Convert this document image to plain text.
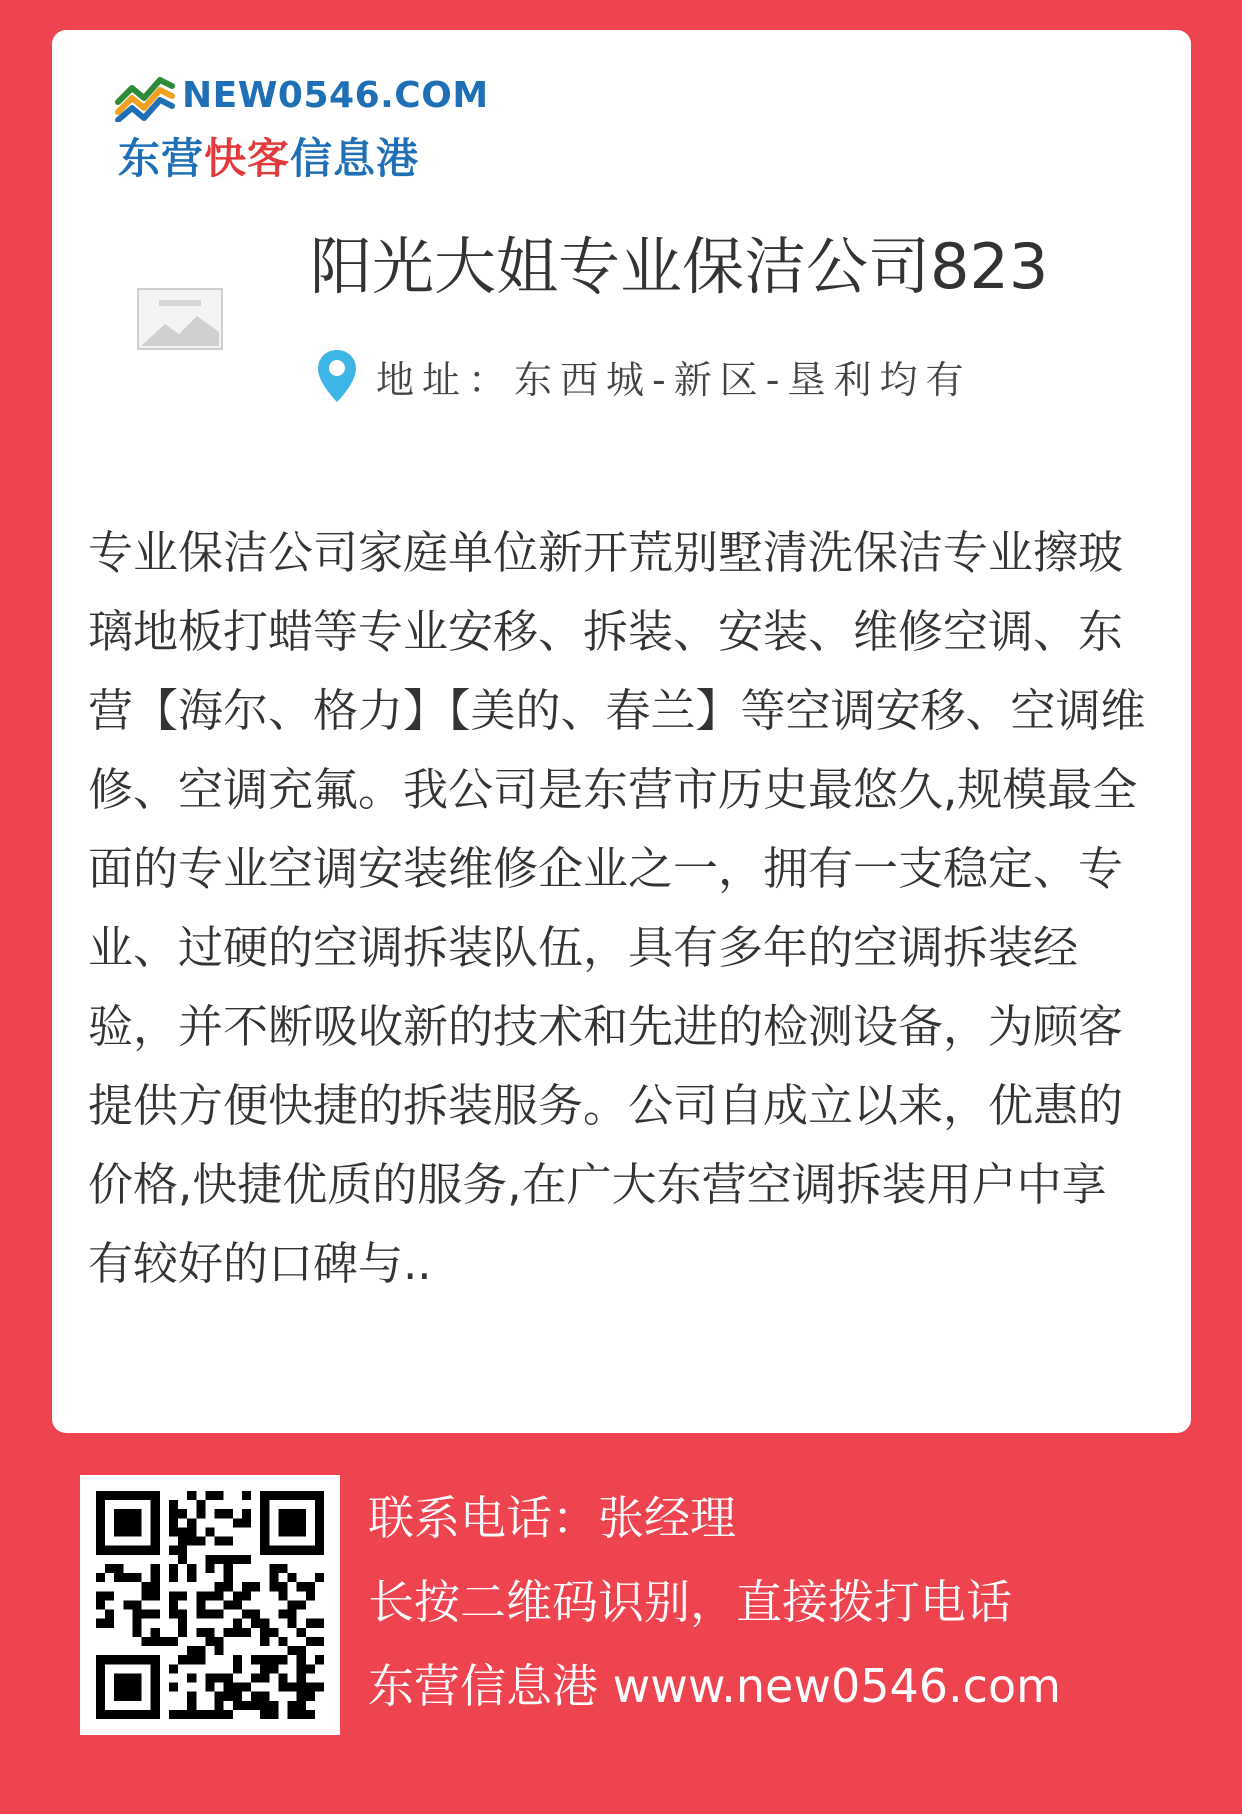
NEW0546.COM
东营快客信息港
阳光大姐专业保洁公司823
地址： 东西城-新区-垦利均有

专业保洁公司家庭单位新开荒别墅清洗保洁专业擦玻璃地板打蜡等专业安移、拆装、安装、维修空调、东营【海尔、格力】【美的、春兰】等空调安移、空调维修、空调充氟。我公司是东营市历史最悠久,规模最全面的专业空调安装维修企业之一，拥有一支稳定、专业、过硬的空调拆装队伍，具有多年的空调拆装经验，并不断吸收新的技术和先进的检测设备，为顾客提供方便快捷的拆装服务。公司自成立以来，优惠的价格,快捷优质的服务,在广大东营空调拆装用户中享有较好的口碑与..

联系电话：张经理
长按二维码识别，直接拨打电话
东营信息港 www.new0546.com
